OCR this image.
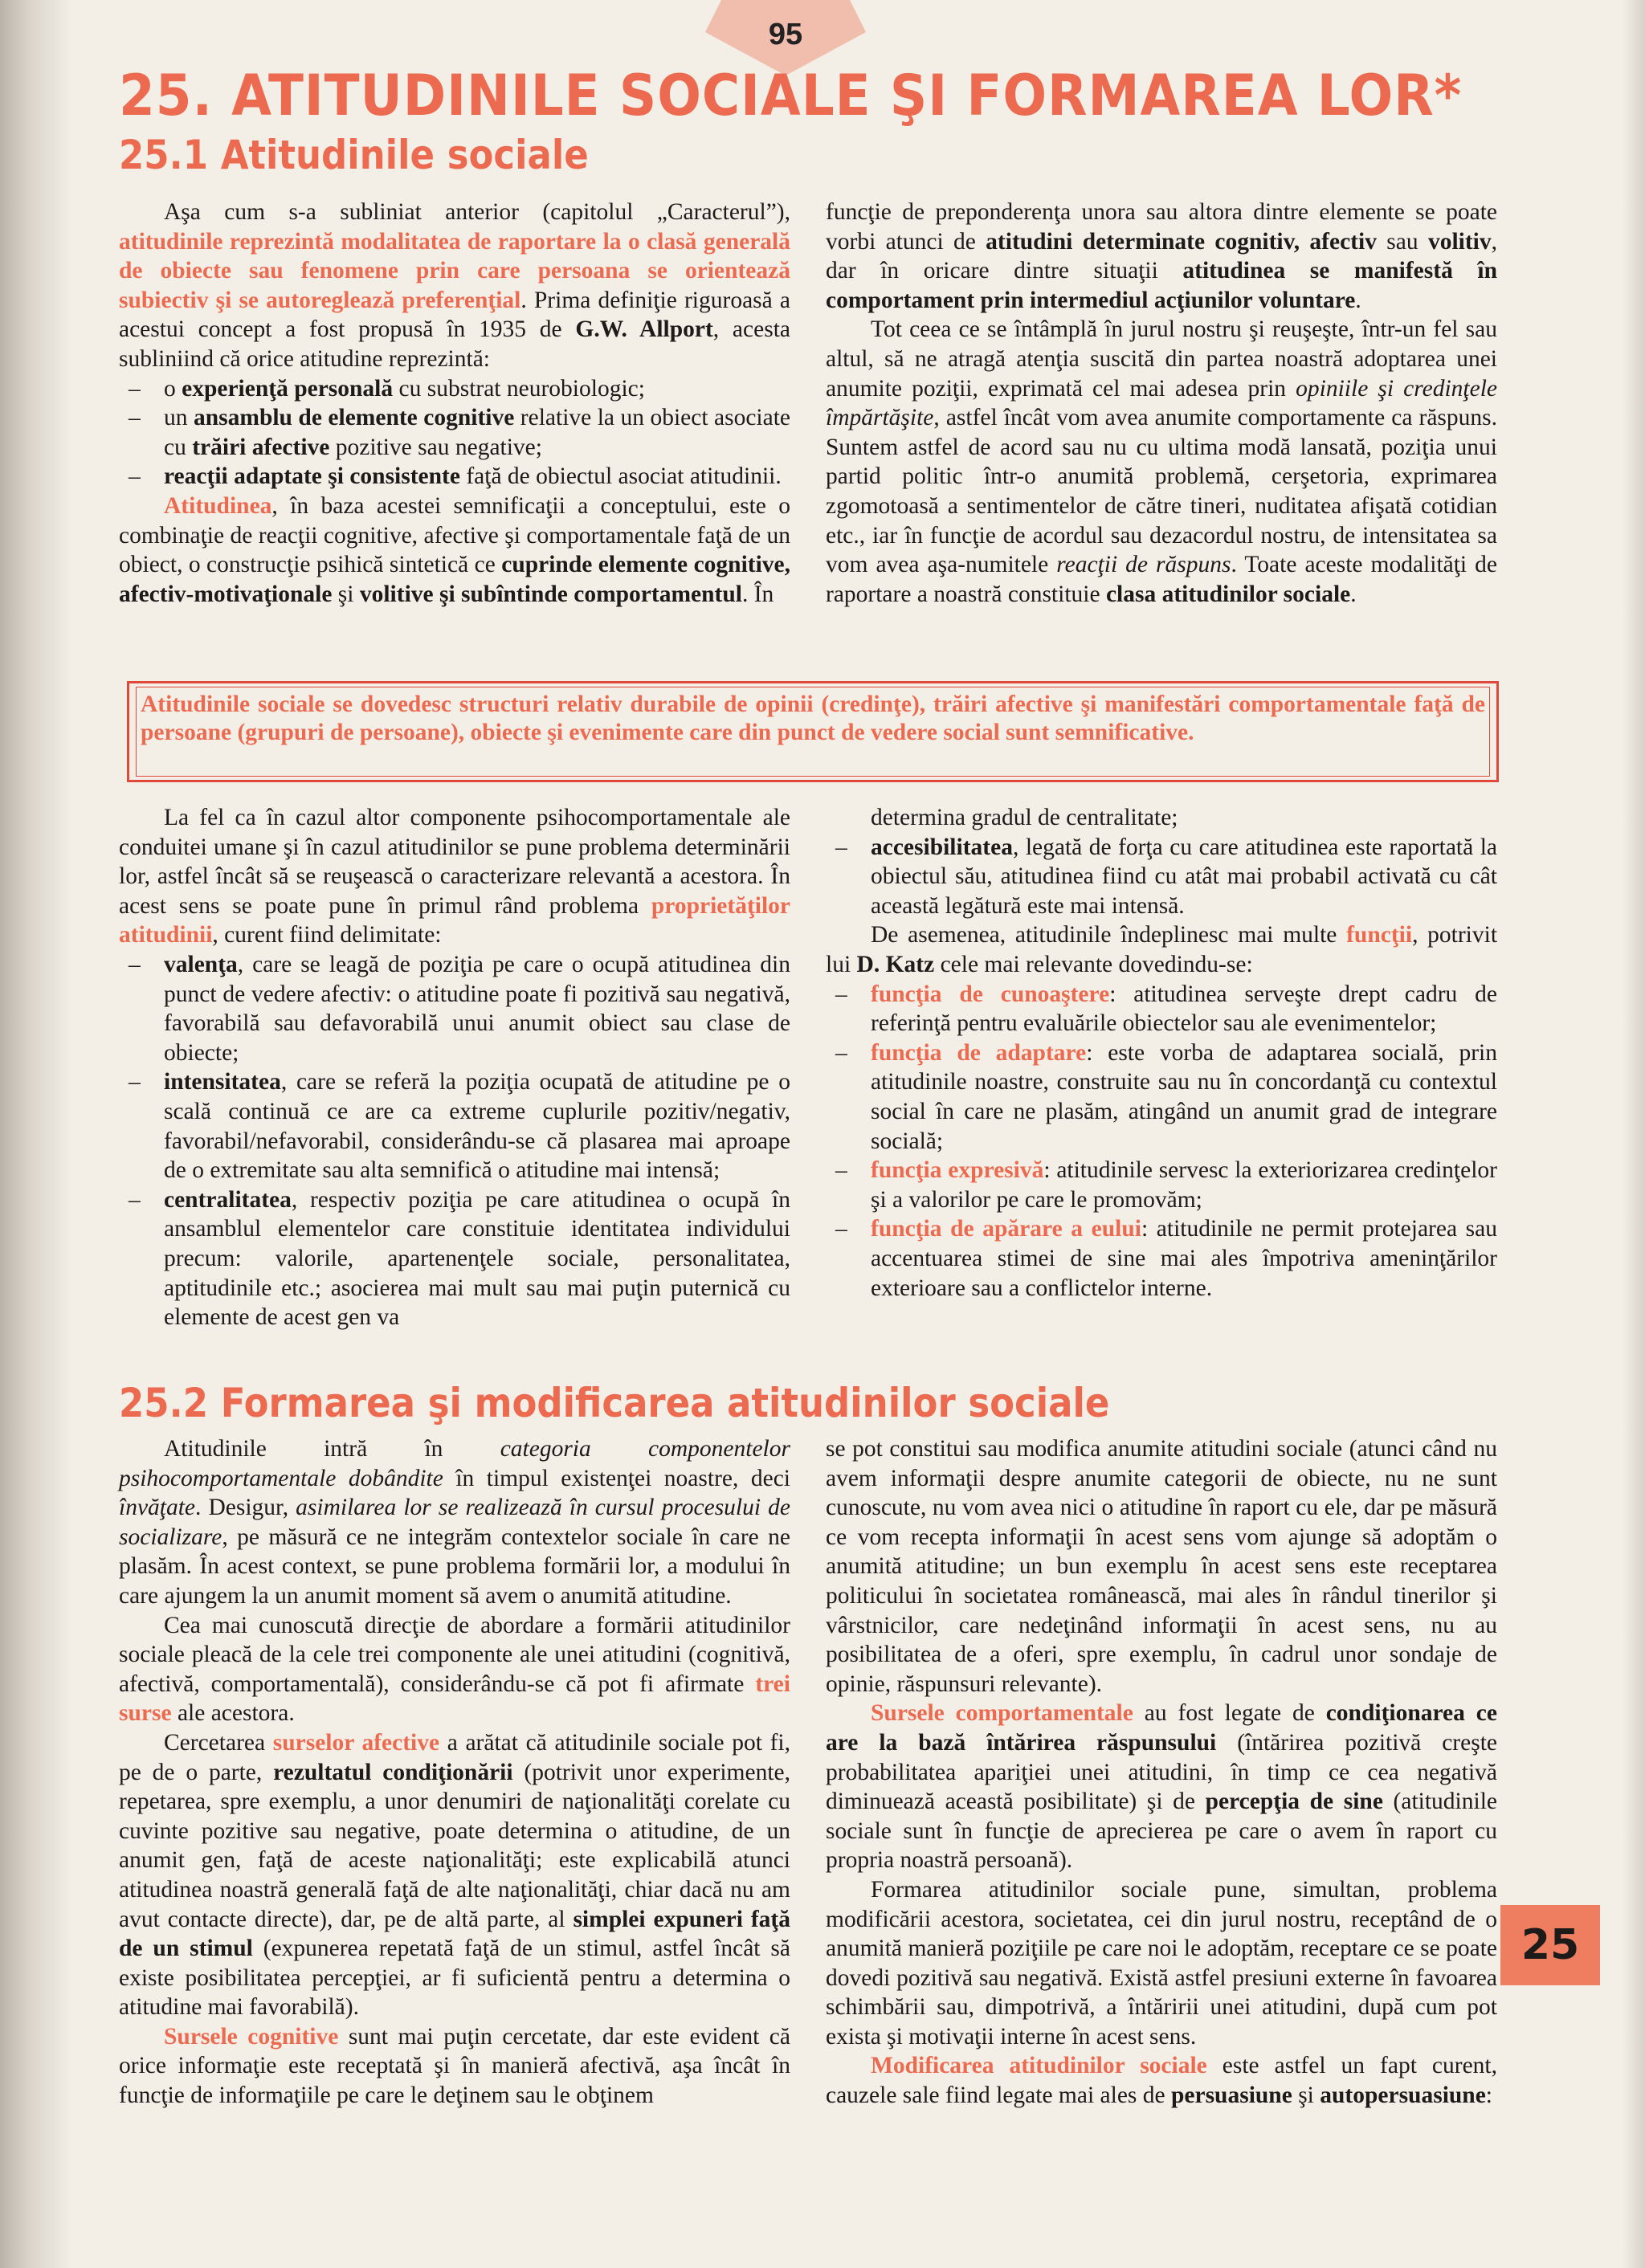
95
25. ATITUDINILE SOCIALE ŞI FORMAREA LOR*
25.1 Atitudinile sociale

Aşa cum s-a subliniat anterior (capitolul „Caracterul”), atitudinile reprezintă modalitatea de raportare la o clasă generală de obiecte sau fenomene prin care persoana se orientează subiectiv şi se autoreglează preferenţial. Prima definiţie riguroasă a acestui concept a fost propusă în 1935 de G.W. Allport, acesta subliniind că orice atitudine reprezintă:

– o experienţă personală cu substrat neurobiologic;
– un ansamblu de elemente cognitive relative la un obiect asociate cu trăiri afective pozitive sau negative;
– reacţii adaptate şi consistente faţă de obiectul asociat atitudinii.

Atitudinea, în baza acestei semnificaţii a conceptului, este o combinaţie de reacţii cognitive, afective şi comportamentale faţă de un obiect, o construcţie psihică sintetică ce cuprinde elemente cognitive, afectiv-motivaţionale şi volitive şi subîntinde comportamentul. În

funcţie de preponderenţa unora sau altora dintre elemente se poate vorbi atunci de atitudini determinate cognitiv, afectiv sau volitiv, dar în oricare dintre situaţii atitudinea se manifestă în comportament prin intermediul acţiunilor voluntare.

Tot ceea ce se întâmplă în jurul nostru şi reuşeşte, într-un fel sau altul, să ne atragă atenţia suscită din partea noastră adoptarea unei anumite poziţii, exprimată cel mai adesea prin opiniile şi credinţele împărtăşite, astfel încât vom avea anumite comportamente ca răspuns. Suntem astfel de acord sau nu cu ultima modă lansată, poziţia unui partid politic într-o anumită problemă, cerşetoria, exprimarea zgomotoasă a sentimentelor de către tineri, nuditatea afişată cotidian etc., iar în funcţie de acordul sau dezacordul nostru, de intensitatea sa vom avea aşa-numitele reacţii de răspuns. Toate aceste modalităţi de raportare a noastră constituie clasa atitudinilor sociale.

Atitudinile sociale se dovedesc structuri relativ durabile de opinii (credinţe), trăiri afective şi manifestări comportamentale faţă de persoane (grupuri de persoane), obiecte şi evenimente care din punct de vedere social sunt semnificative.

La fel ca în cazul altor componente psihocomportamentale ale conduitei umane şi în cazul atitudinilor se pune problema determinării lor, astfel încât să se reuşească o caracterizare relevantă a acestora. În acest sens se poate pune în primul rând problema proprietăţilor atitudinii, curent fiind delimitate:

– valenţa, care se leagă de poziţia pe care o ocupă atitudinea din punct de vedere afectiv: o atitudine poate fi pozitivă sau negativă, favorabilă sau defavorabilă unui anumit obiect sau clase de obiecte;
– intensitatea, care se referă la poziţia ocupată de atitudine pe o scală continuă ce are ca extreme cuplurile pozitiv/negativ, favorabil/nefavorabil, considerându-se că plasarea mai aproape de o extremitate sau alta semnifică o atitudine mai intensă;
– centralitatea, respectiv poziţia pe care atitudinea o ocupă în ansamblul elementelor care constituie identitatea individului precum: valorile, apartenenţele sociale, personalitatea, aptitudinile etc.; asocierea mai mult sau mai puţin puternică cu elemente de acest gen va

determina gradul de centralitate;

– accesibilitatea, legată de forţa cu care atitudinea este raportată la obiectul său, atitudinea fiind cu atât mai probabil activată cu cât această legătură este mai intensă.

De asemenea, atitudinile îndeplinesc mai multe funcţii, potrivit lui D. Katz cele mai relevante dovedindu-se:

– funcţia de cunoaştere: atitudinea serveşte drept cadru de referinţă pentru evaluările obiectelor sau ale evenimentelor;
– funcţia de adaptare: este vorba de adaptarea socială, prin atitudinile noastre, construite sau nu în concordanţă cu contextul social în care ne plasăm, atingând un anumit grad de integrare socială;
– funcţia expresivă: atitudinile servesc la exteriorizarea credinţelor şi a valorilor pe care le promovăm;
– funcţia de apărare a eului: atitudinile ne permit protejarea sau accentuarea stimei de sine mai ales împotriva ameninţărilor exterioare sau a conflictelor interne.
25.2 Formarea şi modificarea atitudinilor sociale

Atitudinile intră în categoria componentelor psihocomportamentale dobândite în timpul existenţei noastre, deci învăţate. Desigur, asimilarea lor se realizează în cursul procesului de socializare, pe măsură ce ne integrăm contextelor sociale în care ne plasăm. În acest context, se pune problema formării lor, a modului în care ajungem la un anumit moment să avem o anumită atitudine.

Cea mai cunoscută direcţie de abordare a formării atitudinilor sociale pleacă de la cele trei componente ale unei atitudini (cognitivă, afectivă, comportamentală), considerându-se că pot fi afirmate trei surse ale acestora.

Cercetarea surselor afective a arătat că atitudinile sociale pot fi, pe de o parte, rezultatul condiţionării (potrivit unor experimente, repetarea, spre exemplu, a unor denumiri de naţionalităţi corelate cu cuvinte pozitive sau negative, poate determina o atitudine, de un anumit gen, faţă de aceste naţionalităţi; este explicabilă atunci atitudinea noastră generală faţă de alte naţionalităţi, chiar dacă nu am avut contacte directe), dar, pe de altă parte, al simplei expuneri faţă de un stimul (expunerea repetată faţă de un stimul, astfel încât să existe posibilitatea percepţiei, ar fi suficientă pentru a determina o atitudine mai favorabilă).

Sursele cognitive sunt mai puţin cercetate, dar este evident că orice informaţie este receptată şi în manieră afectivă, aşa încât în funcţie de informaţiile pe care le deţinem sau le obţinem

se pot constitui sau modifica anumite atitudini sociale (atunci când nu avem informaţii despre anumite categorii de obiecte, nu ne sunt cunoscute, nu vom avea nici o atitudine în raport cu ele, dar pe măsură ce vom recepta informaţii în acest sens vom ajunge să adoptăm o anumită atitudine; un bun exemplu în acest sens este receptarea politicului în societatea românească, mai ales în rândul tinerilor şi vârstnicilor, care nedeţinând informaţii în acest sens, nu au posibilitatea de a oferi, spre exemplu, în cadrul unor sondaje de opinie, răspunsuri relevante).

Sursele comportamentale au fost legate de condiţionarea ce are la bază întărirea răspunsului (întărirea pozitivă creşte probabilitatea apariţiei unei atitudini, în timp ce cea negativă diminuează această posibilitate) şi de percepţia de sine (atitudinile sociale sunt în funcţie de aprecierea pe care o avem în raport cu propria noastră persoană).

Formarea atitudinilor sociale pune, simultan, problema modificării acestora, societatea, cei din jurul nostru, receptând de o anumită manieră poziţiile pe care noi le adoptăm, receptare ce se poate dovedi pozitivă sau negativă. Există astfel presiuni externe în favoarea schimbării sau, dimpotrivă, a întăririi unei atitudini, după cum pot exista şi motivaţii interne în acest sens.

Modificarea atitudinilor sociale este astfel un fapt curent, cauzele sale fiind legate mai ales de persuasiune şi autopersuasiune:

25
